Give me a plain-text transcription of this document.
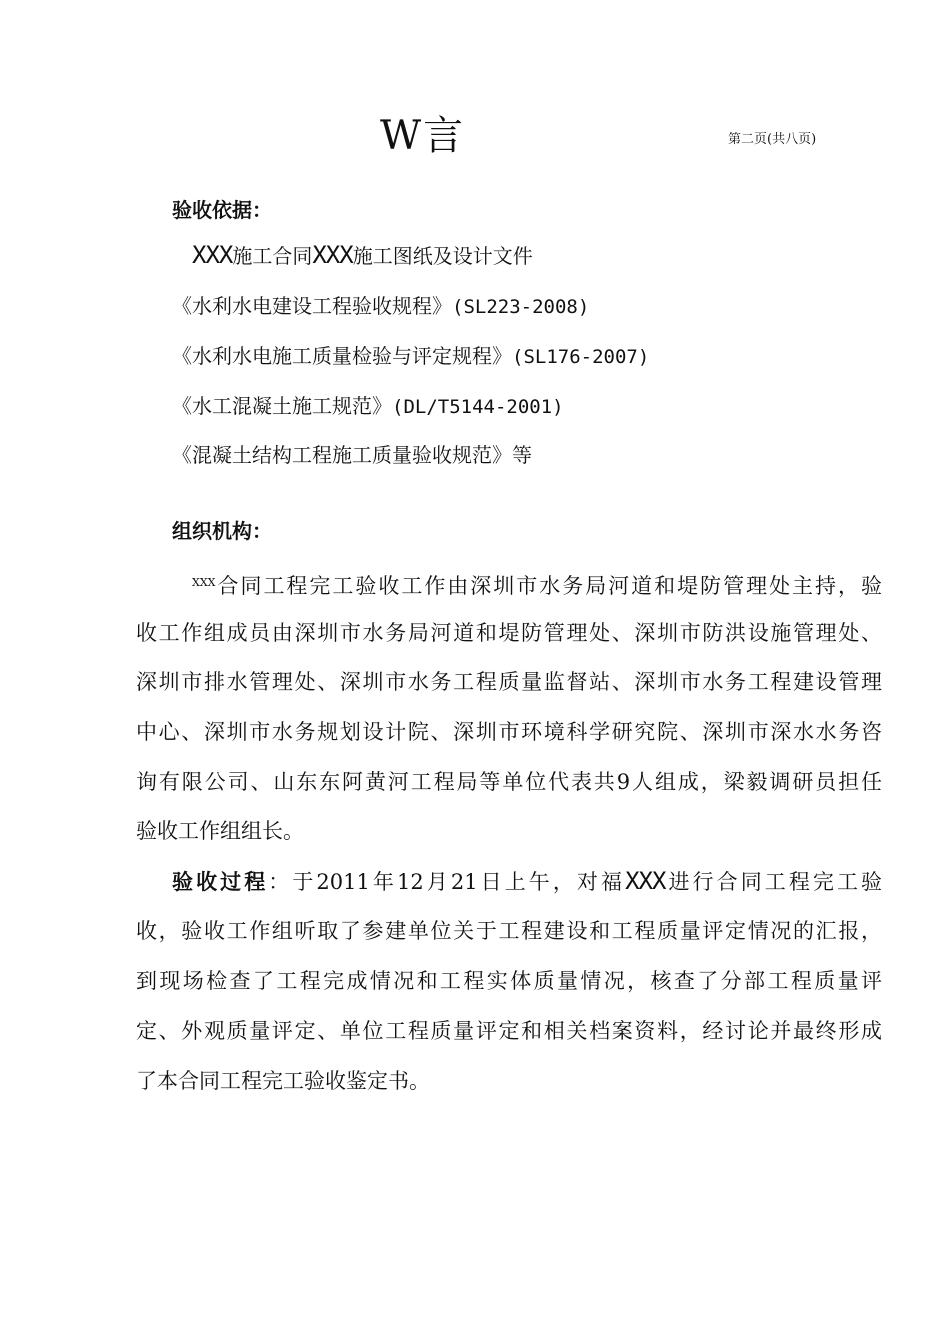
W言	第二页(共八页)
验收依据：
XXX施工合同XXX施工图纸及设计文件
《水利水电建设工程验收规程》(SL223-2008)
《水利水电施工质量检验与评定规程》(SL176-2007)
《水工混凝土施工规范》(DL/T5144-2001)
《混凝土结构工程施工质量验收规范》等
组织机构：
$^{XXX}$合同工程完工验收工作由深圳市水务局河道和堤防管理处主持，验
收工作组成员由深圳市水务局河道和堤防管理处、深圳市防洪设施管理处、
深圳市排水管理处、深圳市水务工程质量监督站、深圳市水务工程建设管理
中心、深圳市水务规划设计院、深圳市环境科学研究院、深圳市深水水务咨
询有限公司、山东东阿黄河工程局等单位代表共9人组成，梁毅调研员担任
验收工作组组长。
验收过程：于2011年12月21日上午，对福XXX进行合同工程完工验
收，验收工作组听取了参建单位关于工程建设和工程质量评定情况的汇报，
到现场检查了工程完成情况和工程实体质量情况，核查了分部工程质量评
定、外观质量评定、单位工程质量评定和相关档案资料，经讨论并最终形成
了本合同工程完工验收鉴定书。
